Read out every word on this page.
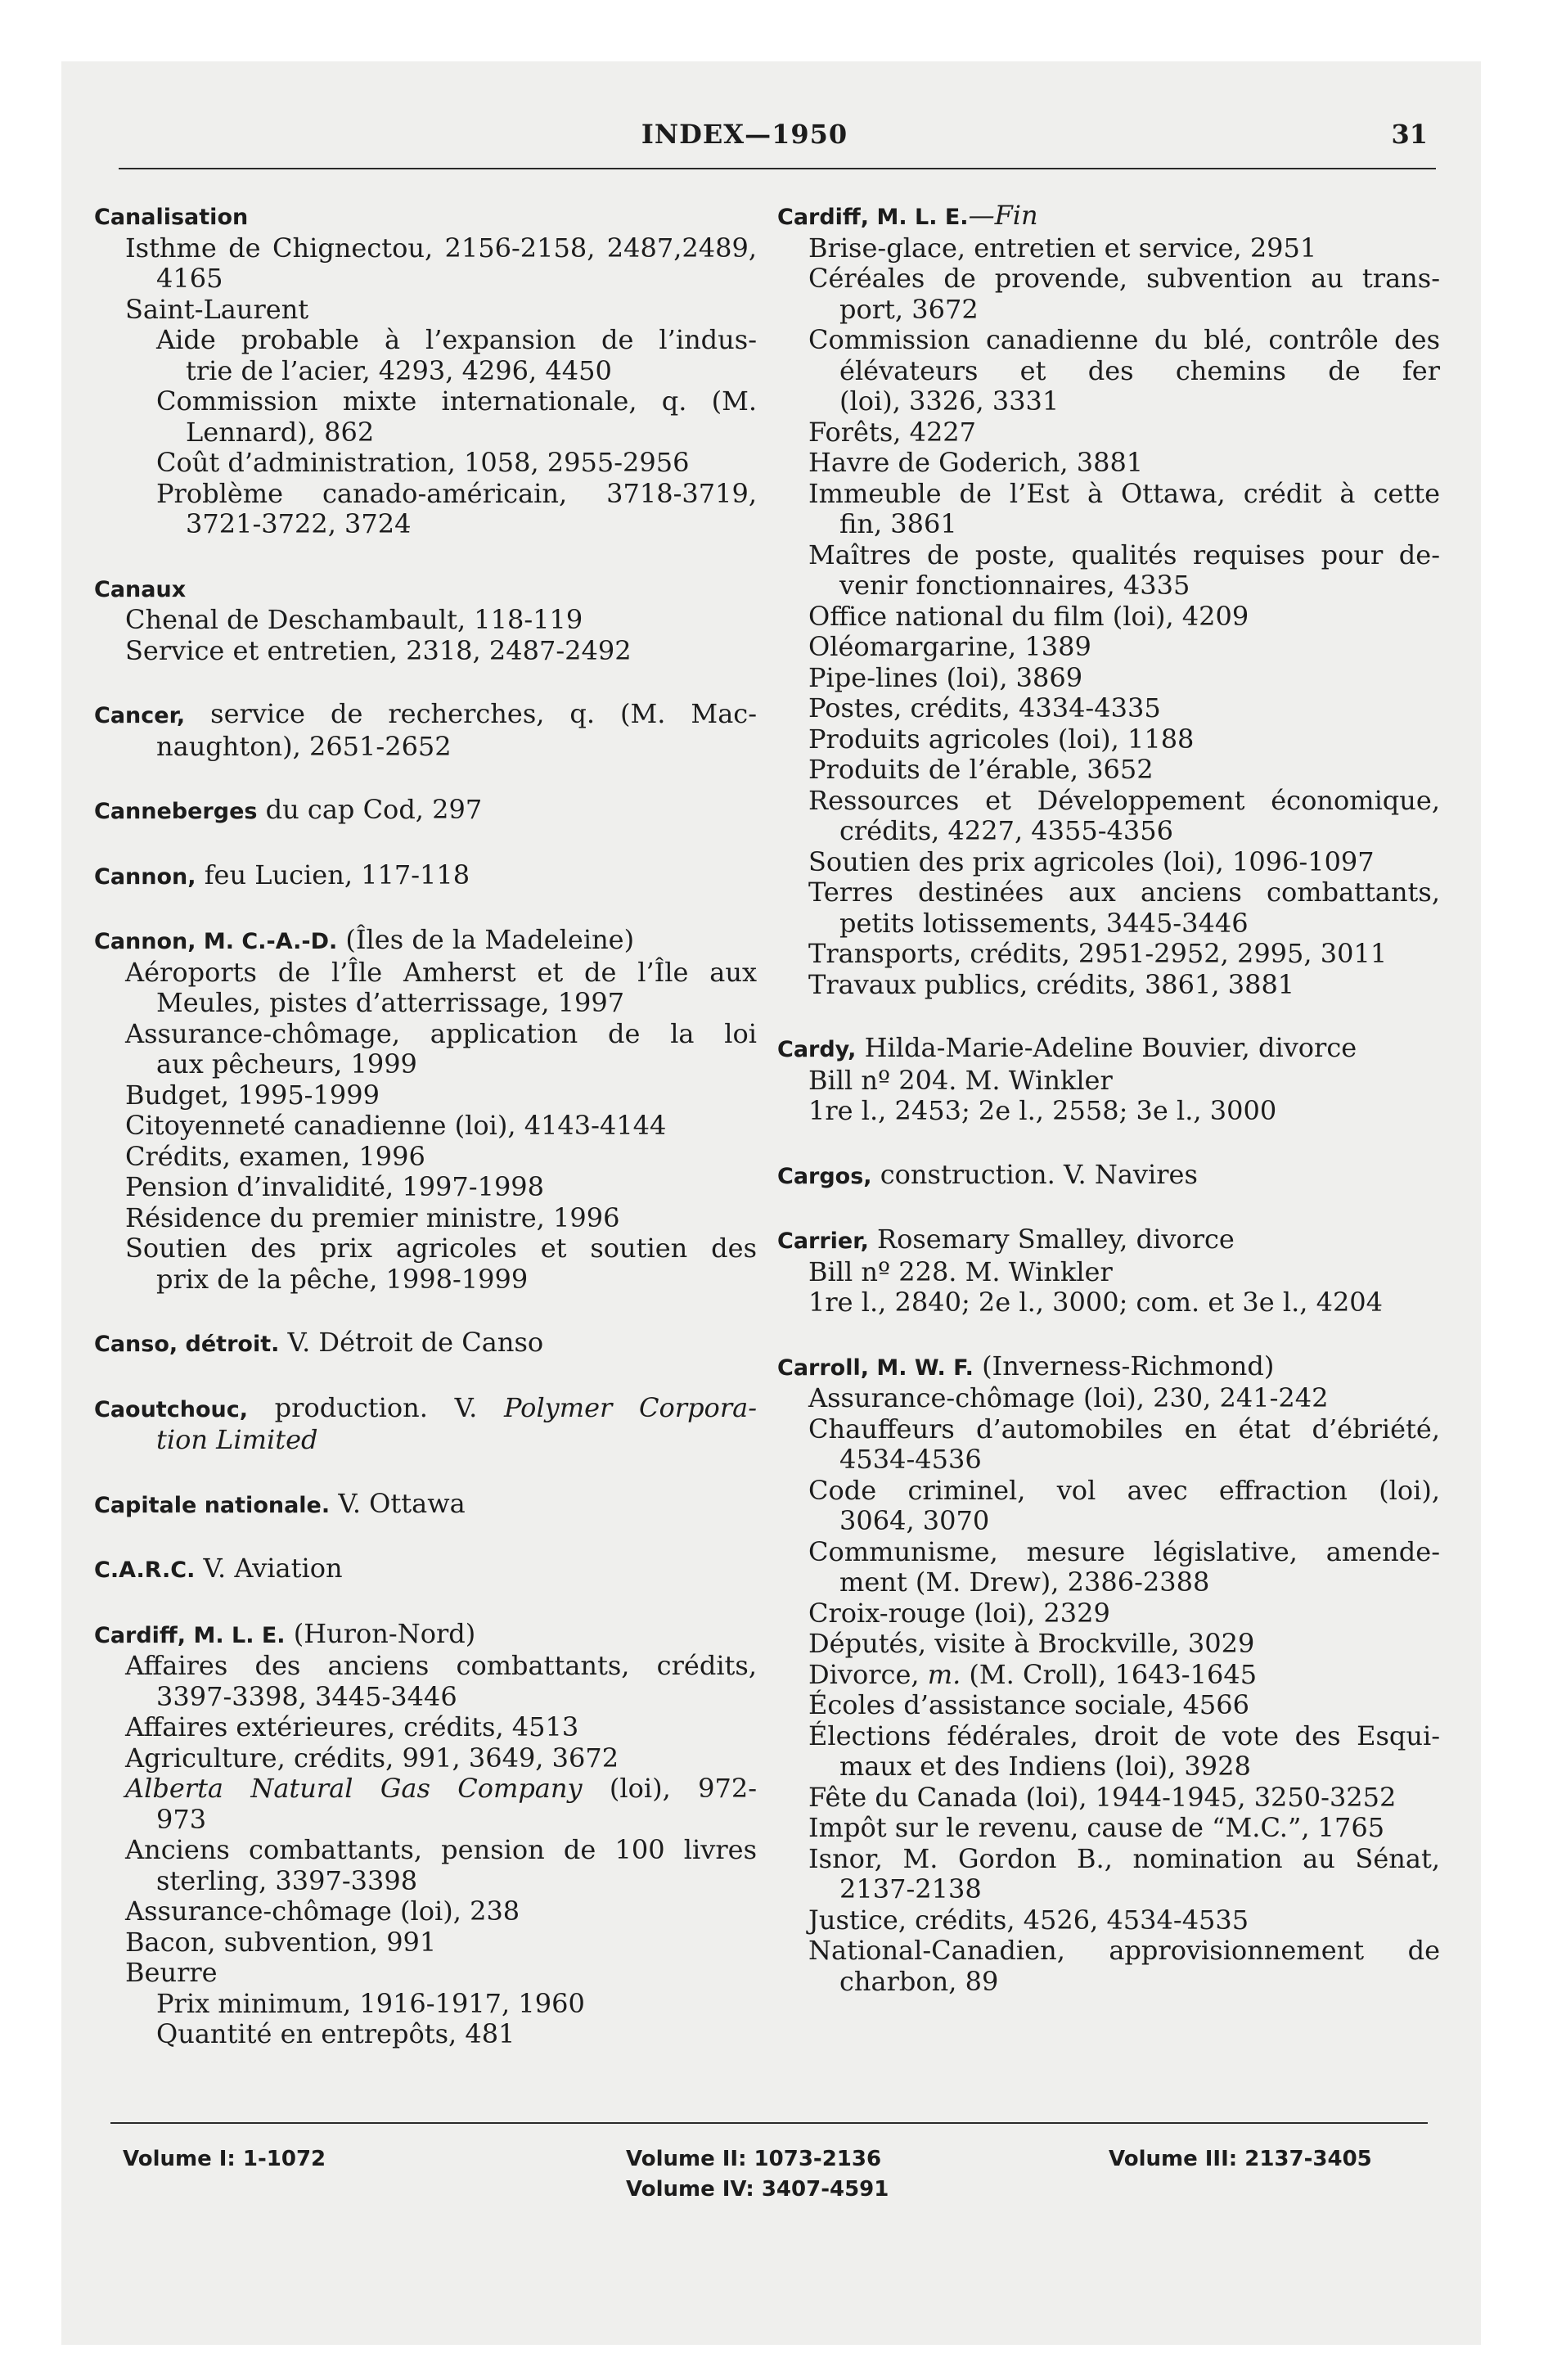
INDEX—1950	31
Canalisation
Isthme de Chignectou, 2156-2158, 2487,2489,
4165
Saint-Laurent
Aide probable à l’expansion de l’indus-
trie de l’acier, 4293, 4296, 4450
Commission mixte internationale, q. (M.
Lennard), 862
Coût d’administration, 1058, 2955-2956
Problème canado-américain, 3718-3719,
3721-3722, 3724
Canaux
Chenal de Deschambault, 118-119
Service et entretien, 2318, 2487-2492
Cancer, service de recherches, q. (M. Mac-
naughton), 2651-2652
Canneberges du cap Cod, 297
Cannon, feu Lucien, 117-118
Cannon, M. C.-A.-D. (Îles de la Madeleine)
Aéroports de l’Île Amherst et de l’Île aux
Meules, pistes d’atterrissage, 1997
Assurance-chômage, application de la loi
aux pêcheurs, 1999
Budget, 1995-1999
Citoyenneté canadienne (loi), 4143-4144
Crédits, examen, 1996
Pension d’invalidité, 1997-1998
Résidence du premier ministre, 1996
Soutien des prix agricoles et soutien des
prix de la pêche, 1998-1999
Canso, détroit. V. Détroit de Canso
Caoutchouc, production. V. Polymer Corpora-
tion Limited
Capitale nationale. V. Ottawa
C.A.R.C. V. Aviation
Cardiff, M. L. E. (Huron-Nord)
Affaires des anciens combattants, crédits,
3397-3398, 3445-3446
Affaires extérieures, crédits, 4513
Agriculture, crédits, 991, 3649, 3672
Alberta Natural Gas Company (loi), 972-
973
Anciens combattants, pension de 100 livres
sterling, 3397-3398
Assurance-chômage (loi), 238
Bacon, subvention, 991
Beurre
Prix minimum, 1916-1917, 1960
Quantité en entrepôts, 481
Cardiff, M. L. E.—Fin
Brise-glace, entretien et service, 2951
Céréales de provende, subvention au trans-
port, 3672
Commission canadienne du blé, contrôle des
élévateurs et des chemins de fer
(loi), 3326, 3331
Forêts, 4227
Havre de Goderich, 3881
Immeuble de l’Est à Ottawa, crédit à cette
fin, 3861
Maîtres de poste, qualités requises pour de-
venir fonctionnaires, 4335
Office national du film (loi), 4209
Oléomargarine, 1389
Pipe-lines (loi), 3869
Postes, crédits, 4334-4335
Produits agricoles (loi), 1188
Produits de l’érable, 3652
Ressources et Développement économique,
crédits, 4227, 4355-4356
Soutien des prix agricoles (loi), 1096-1097
Terres destinées aux anciens combattants,
petits lotissements, 3445-3446
Transports, crédits, 2951-2952, 2995, 3011
Travaux publics, crédits, 3861, 3881
Cardy, Hilda-Marie-Adeline Bouvier, divorce
Bill nº 204. M. Winkler
1re l., 2453; 2e l., 2558; 3e l., 3000
Cargos, construction. V. Navires
Carrier, Rosemary Smalley, divorce
Bill nº 228. M. Winkler
1re l., 2840; 2e l., 3000; com. et 3e l., 4204
Carroll, M. W. F. (Inverness-Richmond)
Assurance-chômage (loi), 230, 241-242
Chauffeurs d’automobiles en état d’ébriété,
4534-4536
Code criminel, vol avec effraction (loi),
3064, 3070
Communisme, mesure législative, amende-
ment (M. Drew), 2386-2388
Croix-rouge (loi), 2329
Députés, visite à Brockville, 3029
Divorce, m. (M. Croll), 1643-1645
Écoles d’assistance sociale, 4566
Élections fédérales, droit de vote des Esqui-
maux et des Indiens (loi), 3928
Fête du Canada (loi), 1944-1945, 3250-3252
Impôt sur le revenu, cause de “M.C.”, 1765
Isnor, M. Gordon B., nomination au Sénat,
2137-2138
Justice, crédits, 4526, 4534-4535
National-Canadien, approvisionnement de
charbon, 89
Volume I: 1-1072	Volume II: 1073-2136
Volume IV: 3407-4591
Volume III: 2137-3405
